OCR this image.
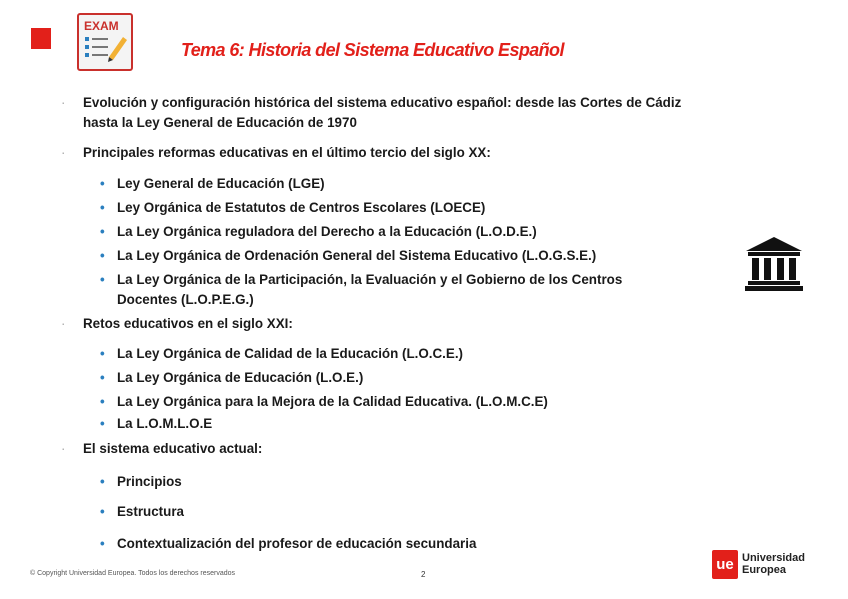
EXAM
Tema 6: Historia del Sistema Educativo Español
· Evolución y configuración histórica del sistema educativo español: desde las Cortes de Cádiz
hasta la Ley General de Educación de 1970
· Principales reformas educativas en el último tercio del siglo XX:
• Ley General de Educación (LGE)
• Ley Orgánica de Estatutos de Centros Escolares (LOECE)
• La Ley Orgánica reguladora del Derecho a la Educación (L.O.D.E.)
• La Ley Orgánica de Ordenación General del Sistema Educativo (L.O.G.S.E.)
• La Ley Orgánica de la Participación, la Evaluación y el Gobierno de los Centros
Docentes (L.O.P.E.G.)
· Retos educativos en el siglo XXI:
• La Ley Orgánica de Calidad de la Educación (L.O.C.E.)
• La Ley Orgánica de Educación (L.O.E.)
• La Ley Orgánica para la Mejora de la Calidad Educativa. (L.O.M.C.E)
• La L.O.M.L.O.E
· El sistema educativo actual:
• Principios
• Estructura
• Contextualización del profesor de educación secundaria
© Copyright Universidad Europea. Todos los derechos reservados	2
ue Universidad
Europea
